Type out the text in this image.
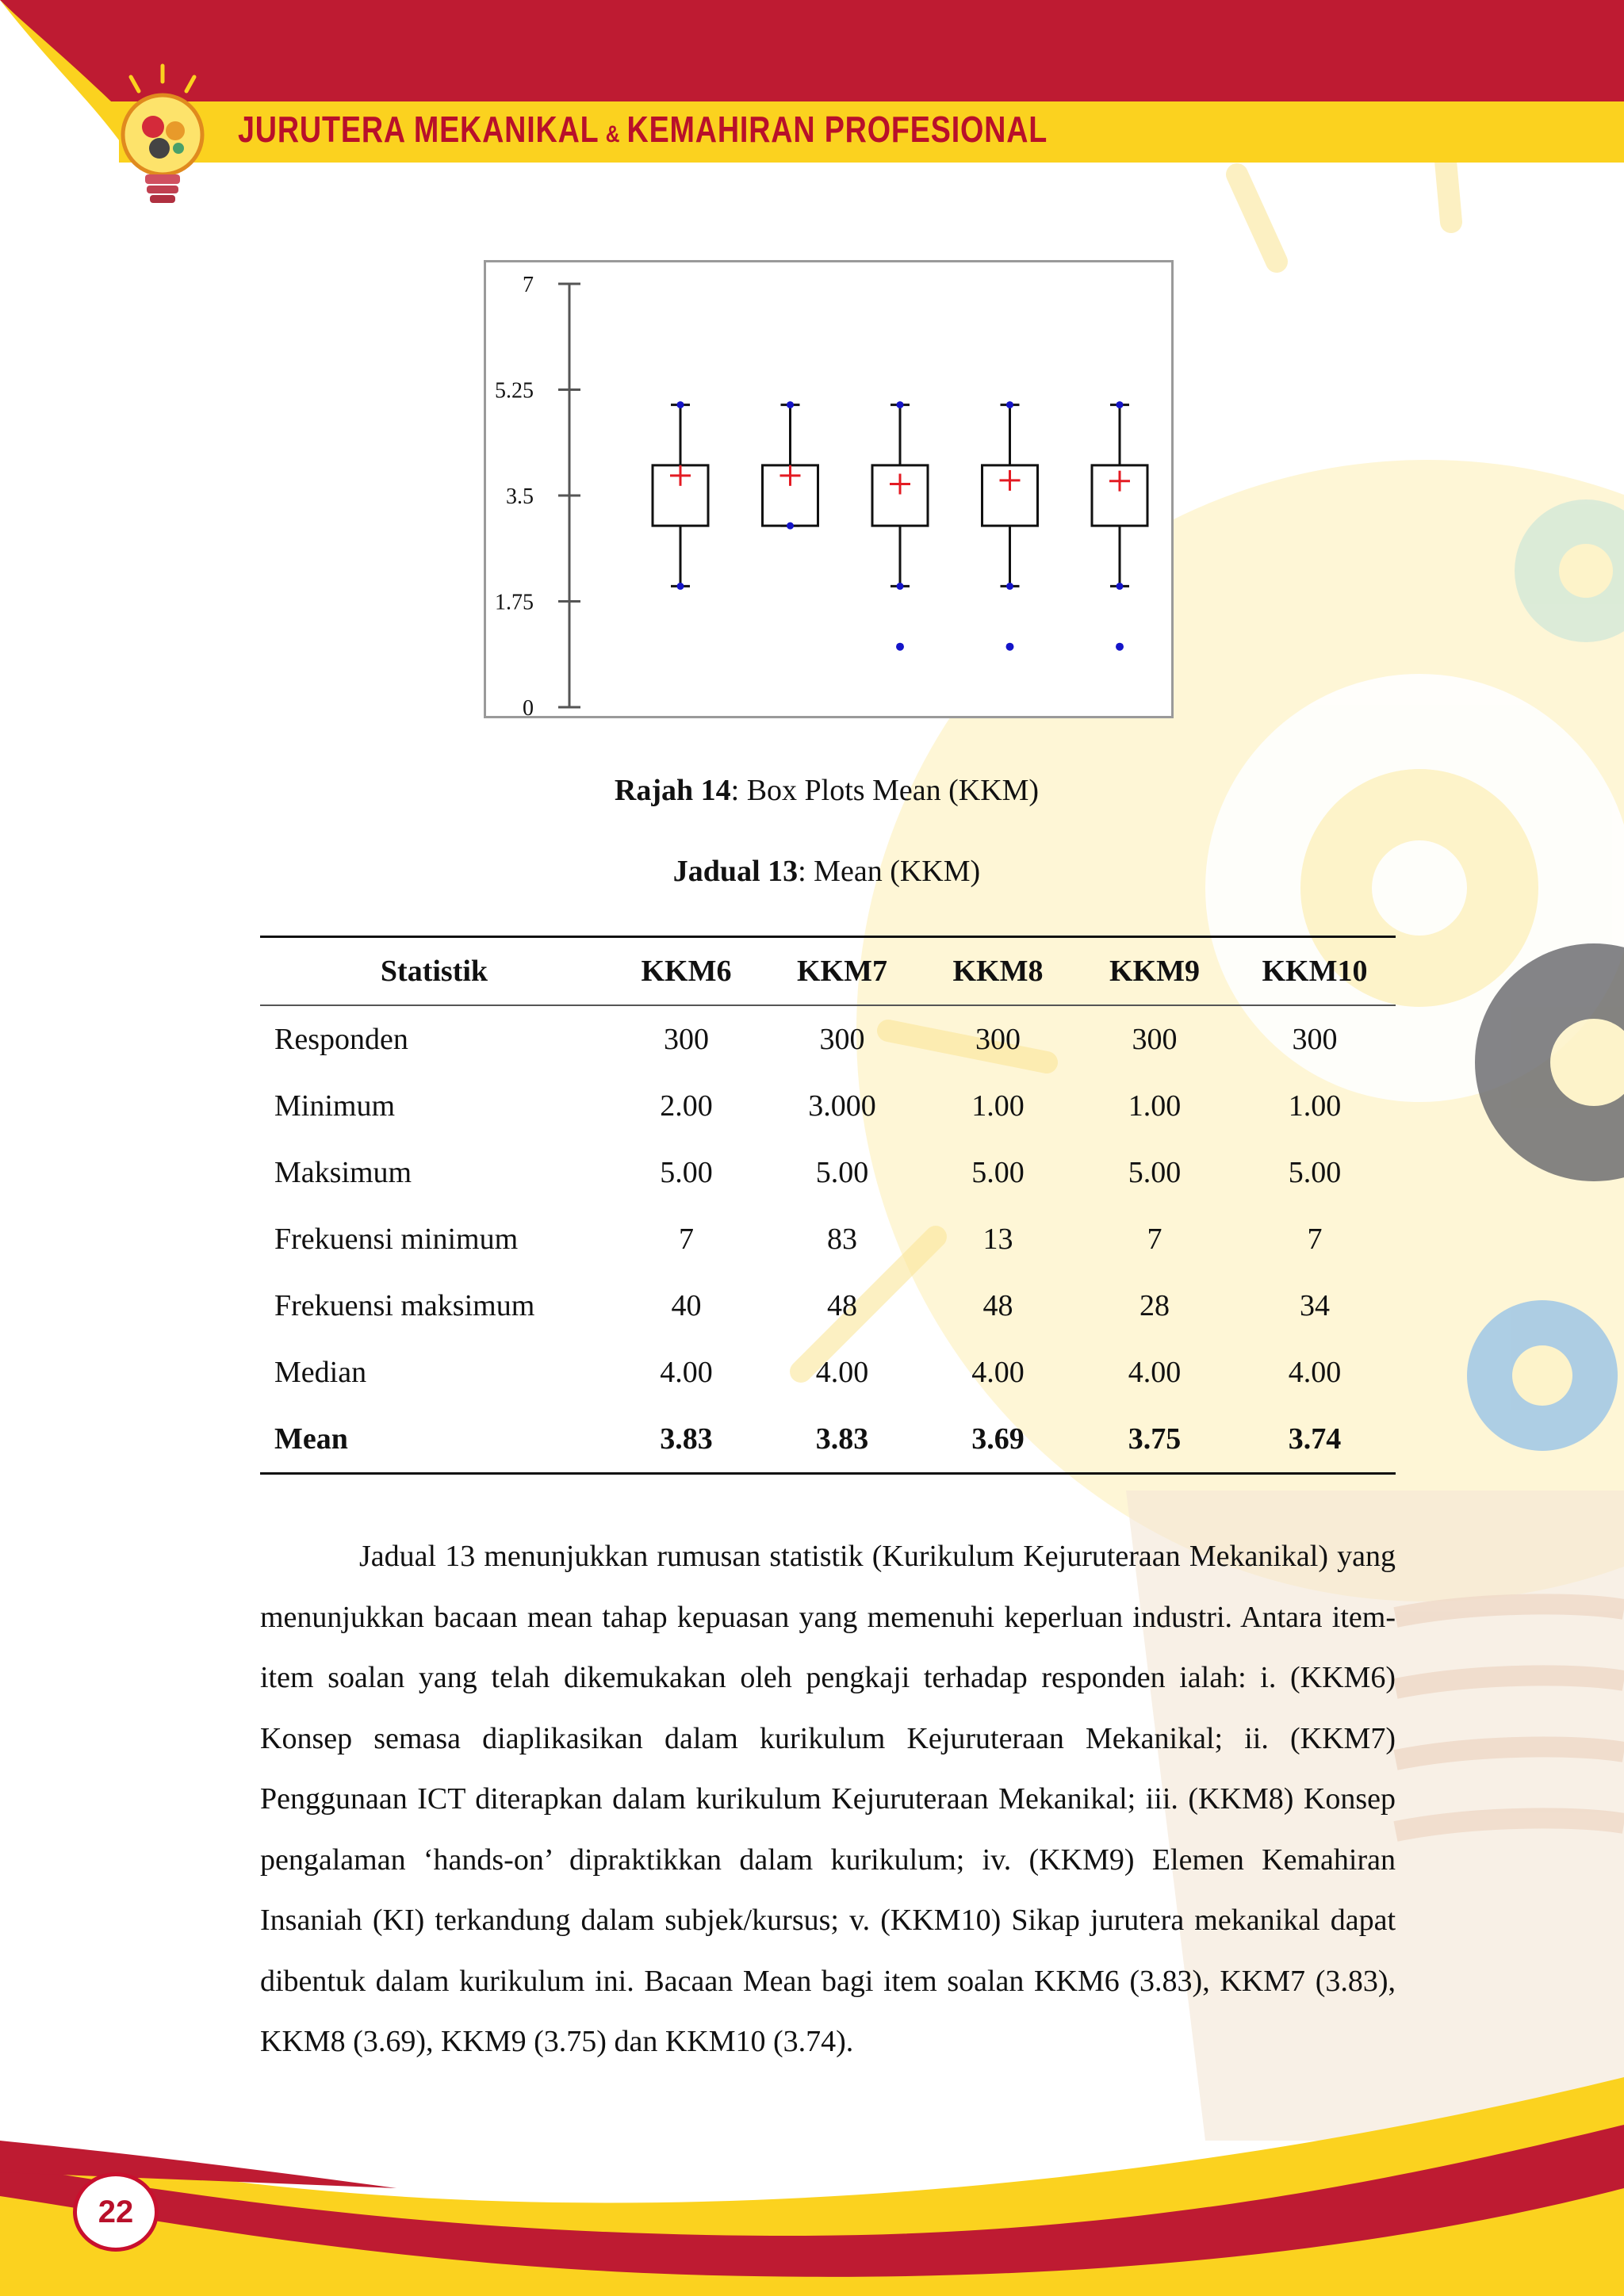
JURUTERA MEKANIKAL & KEMAHIRAN PROFESIONAL
0
1.75
3.5
5.25
7
Rajah 14: Box Plots Mean (KKM)
Jadual 13: Mean (KKM)
Statistik	KKM6	KKM7	KKM8	KKM9	KKM10
Responden	300	300	300	300	300
Minimum	2.00	3.000	1.00	1.00	1.00
Maksimum	5.00	5.00	5.00	5.00	5.00
Frekuensi minimum	7	83	13	7	7
Frekuensi maksimum	40	48	48	28	34
Median	4.00	4.00	4.00	4.00	4.00
Mean	3.83	3.83	3.69	3.75	3.74
Jadual 13 menunjukkan rumusan statistik (Kurikulum Kejuruteraan Mekanikal) yang menunjukkan bacaan mean tahap kepuasan yang memenuhi keperluan industri. Antara item-item soalan yang telah dikemukakan oleh pengkaji terhadap responden ialah: i. (KKM6) Konsep semasa diaplikasikan dalam kurikulum Kejuruteraan Mekanikal; ii. (KKM7) Penggunaan ICT diterapkan dalam kurikulum Kejuruteraan Mekanikal; iii. (KKM8) Konsep pengalaman ‘hands-on’ dipraktikkan dalam kurikulum; iv. (KKM9) Elemen Kemahiran Insaniah (KI) terkandung dalam subjek/kursus; v. (KKM10) Sikap jurutera mekanikal dapat dibentuk dalam kurikulum ini. Bacaan Mean bagi item soalan KKM6 (3.83), KKM7 (3.83), KKM8 (3.69), KKM9 (3.75) dan KKM10 (3.74).
22
